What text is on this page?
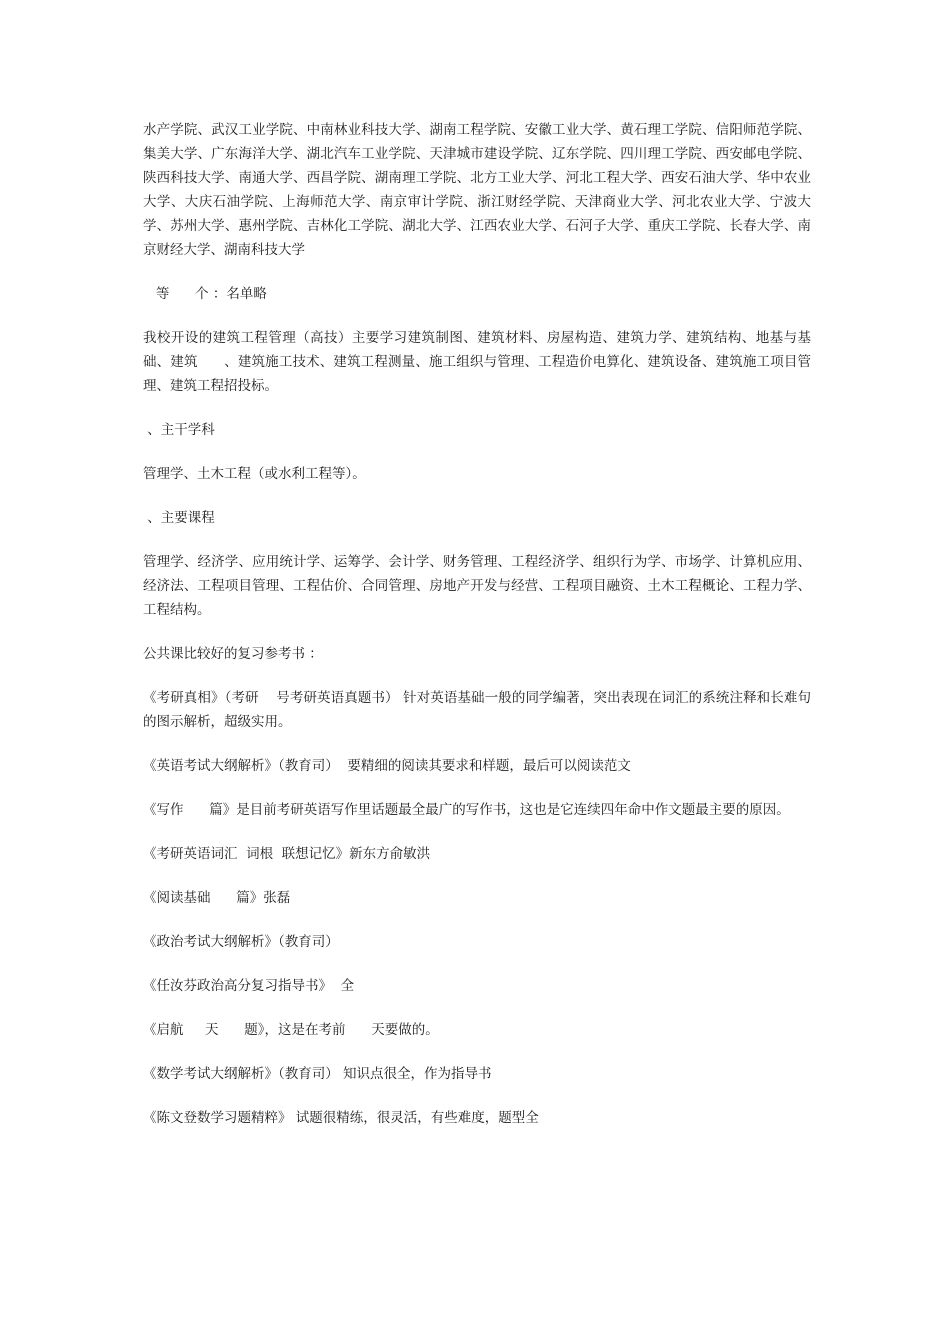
水产学院、武汉工业学院、中南林业科技大学、湖南工程学院、安徽工业大学、黄石理工学院、信阳师范学院、集美大学、广东海洋大学、湖北汽车工业学院、天津城市建设学院、辽东学院、四川理工学院、西安邮电学院、陕西科技大学、南通大学、西昌学院、湖南理工学院、北方工业大学、河北工程大学、西安石油大学、华中农业大学、大庆石油学院、上海师范大学、南京审计学院、浙江财经学院、天津商业大学、河北农业大学、宁波大学、苏州大学、惠州学院、吉林化工学院、湖北大学、江西农业大学、石河子大学、重庆工学院、长春大学、南京财经大学、湖南科技大学

等      个 ：名单略

我校开设的建筑工程管理（高技）主要学习建筑制图、建筑材料、房屋构造、建筑力学、建筑结构、地基与基础、建筑      、建筑施工技术、建筑工程测量、施工组织与管理、工程造价电算化、建筑设备、建筑施工项目管理、建筑工程招投标。

、主干学科

管理学、土木工程（或水利工程等）。

、主要课程

管理学、经济学、应用统计学、运筹学、会计学、财务管理、工程经济学、组织行为学、市场学、计算机应用、经济法、工程项目管理、工程估价、合同管理、房地产开发与经营、工程项目融资、土木工程概论、工程力学、工程结构。

公共课比较好的复习参考书 ：

《考研真相》（考研    号考研英语真题书） 针对英语基础一般的同学编著，突出表现在词汇的系统注释和长难句的图示解析，超级实用。

《英语考试大纲解析》（教育司）  要精细的阅读其要求和样题，最后可以阅读范文

《写作      篇》是目前考研英语写作里话题最全最广的写作书，这也是它连续四年命中作文题最主要的原因。

《考研英语词汇  词根  联想记忆》新东方俞敏洪

《阅读基础      篇》张磊

《政治考试大纲解析》（教育司）

《任汝芬政治高分复习指导书》  全

《启航     天      题》，这是在考前      天要做的。

《数学考试大纲解析》（教育司） 知识点很全，作为指导书

《陈文登数学习题精粹》 试题很精练，很灵活，有些难度，题型全
